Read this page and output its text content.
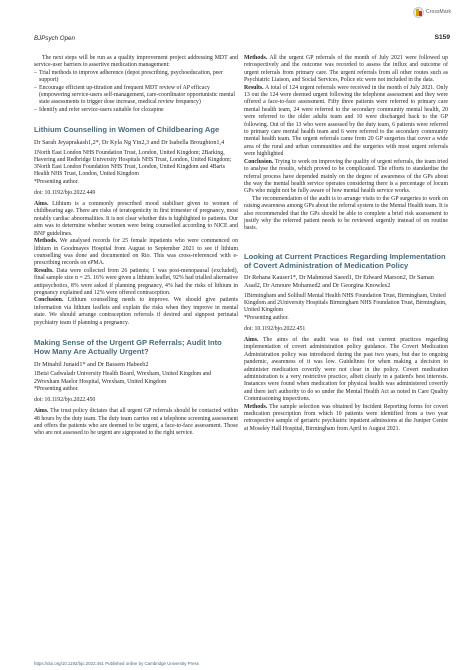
CrossMark
BJPsych Open	S159

The next steps will be run as a quality improvement project addressing MDT and service-user barriers to assertive medication management:

– Trial methods to improve adherence (depot prescribing, psychoeducation, peer support)
– Encourage efficient up-titration and frequent MDT review of AP efficacy (empowering service-users self-management, care-coordinator opportunistic mental state assessments to trigger dose increase, medical review frequency)
– Identify and refer service-users suitable for clozapine
Lithium Counselling in Women of Childbearing Age
Dr Sarah Jeyaprakash1,2*, Dr Kyla Ng Yin2,3 and Dr Isabella Broughton1,4

1North East London NHS Foundation Trust, London, United Kingdom; 2Barking, Havering and Redbridge University Hospitals NHS Trust, London, United Kingdom; 3North East London Foundation NHS Trust, London, United Kingdom and 4Barts Health NHS Trust, London, United Kingdom

*Presenting author.

doi: 10.1192/bjo.2022.449

Aims. Lithium is a commonly prescribed mood stabiliser given to women of childbearing age. There are risks of teratogenicity in first trimester of pregnancy, most notably cardiac abnormalities. It is not clear whether this is highlighted to patients. Our aim was to determine whether women were being counselled according to NICE and BNF guidelines.

Methods. We analysed records for 25 female inpatients who were commenced on lithium in Goodmayes Hospital from August to September 2021 to see if lithium counselling was done and documented on Rio. This was cross-referenced with e-prescribing records on ePMA.

Results. Data were collected from 26 patients; 1 was post-menopausal (excluded), final sample size n = 25. 16% were given a lithium leaflet, 92% had trialled alternative antipsychotics, 8% were asked if planning pregnancy, 4% had the risks of lithium in pregnancy explained and 12% were offered contraception.

Conclusion. Lithium counselling needs to improve. We should give patients information via lithium leaflets and explain the risks when they improve in mental state. We should arrange contraception referrals if desired and signpost perinatal psychiatry team if planning a pregnancy.

Making Sense of the Urgent GP Referrals; Audit Into How Many Are Actually Urgent?
Dr Minahil Junaid1* and Dr Bassem Habeeb2

1Betsi Cadwaladr University Health Board, Wrexham, United Kingdom and 2Wrexham Maelor Hospital, Wrexham, United Kingdom

*Presenting author.

doi: 10.1192/bjo.2022.450

Aims. The trust policy dictates that all urgent GP referrals should be contacted within 48 hours by the duty team. The duty team carries out a telephone screening assessment and offers the patients who are deemed to be urgent, a face-to-face assessment. Those who are not assessed to be urgent are signposted to the right service.

Methods. All the urgent GP referrals of the month of July 2021 were followed up retrospectively and the outcome was recorded to assess the influx and outcome of urgent referrals from primary care. The urgent referrals from all other routes such as Psychiatric Liaison, and Social Services, Police etc were not included in the data.

Results. A total of 124 urgent referrals were received in the month of July 2021. Only 13 out the 124 were deemed urgent following the telephone assessment and they were offered a face-to-face assessment. Fifty three patients were referred to primary care mental health team, 24 were referred to the secondary community mental health, 20 were referred to the older adults team and 10 were discharged back to the GP following. Out of the 13 who were assessed by the duty team, 6 patients were referred to primary care mental health team and 6 were referred to the secondary community mental health team. The urgent referrals came from 20 GP surgeries that cover a wide area of the rural and urban communities and the surgeries with most urgent referrals were highlighted

Conclusion. Trying to work on improving the quality of urgent referrals, the team tried to analyse the results, which proved to be complicated. The efforts to standardise the referral process have depended mainly on the degree of awareness of the GPs about the way the mental health service operates considering there is a percentage of locum GPs who might not be fully aware of how mental health service works.

The recommendation of the audit is to arrange visits to the GP surgeries to work on raising awareness among GPs about the referral system to the Mental Health team. It is also recommended that the GPs should be able to complete a brief risk assessment to justify why the referred patient needs to be reviewed urgently instead of on routine basis.

Looking at Current Practices Regarding Implementation of Covert Administration of Medication Policy
Dr Rehana Kauser1*, Dr Mahmoud Saeed1, Dr Edward Marson2, Dr Saman Asad2, Dr Amoure Mohamed2 and Dr Georgina Knowles2

1Birmingham and Solihull Mental Health NHS Foundation Trust, Birmingham, United Kingdom and 2University Hospitals Birmingham NHS Foundation Trust, Birmingham, United Kingdom

*Presenting author.

doi: 10.1192/bjo.2022.451

Aims. The aims of the audit was to find out current practices regarding implementation of covert administration policy guidance. The Covert Medication Administration policy was introduced during the past two years, but due to ongoing pandemic, awareness of it was low. Guidelines for when making a decision to administer medication covertly were not clear in the policy. Covert medication administration is a very restrictive practice, albeit clearly in a patient's best interests. Instances were found when medication for physical health was administered covertly and there isn't authority to do so under the Mental Health Act as noted in Care Quality Commissioning inspections.

Methods. The sample selection was obtained by Incident Reporting forms for covert medication prescription from which 10 patients were identified from a two year retrospective sample of geriatric psychiatric inpatient admissions at the Juniper Centre at Moseley Hall Hospital, Birmingham from April to August 2021.

https://doi.org/10.1192/bjo.2022.451 Published online by Cambridge University Press
